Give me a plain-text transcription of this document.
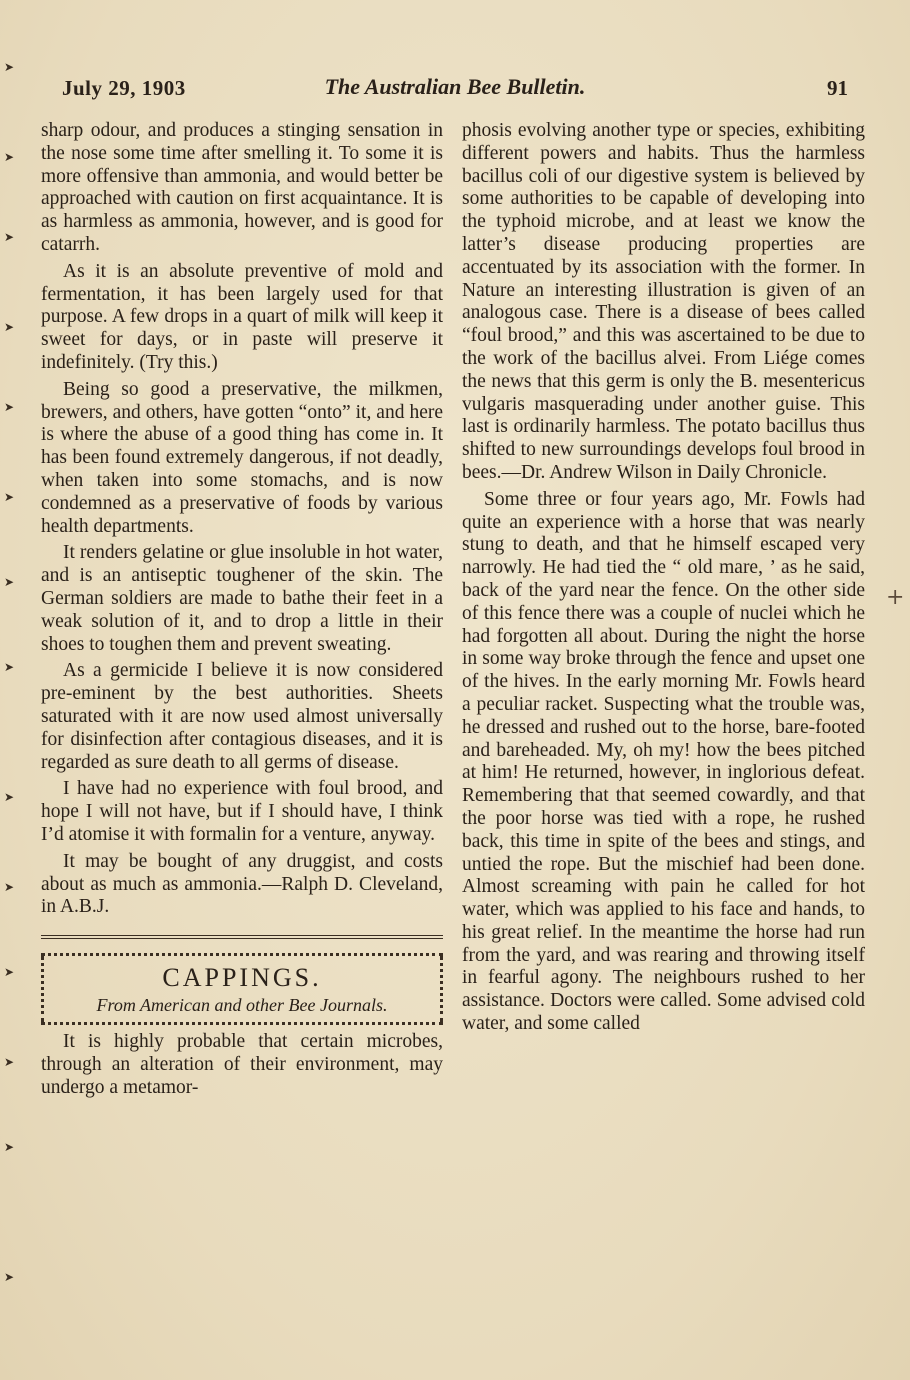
➤
➤
➤
➤
➤
➤
➤
➤
➤
➤
➤
➤
➤
➤
July 29, 1903	The Australian Bee Bulletin.	91

sharp odour, and produces a stinging sensation in the nose some time after smelling it. To some it is more offensive than ammonia, and would better be approached with caution on first acquaintance. It is as harmless as ammonia, however, and is good for catarrh.

As it is an absolute preventive of mold and fermentation, it has been largely used for that purpose. A few drops in a quart of milk will keep it sweet for days, or in paste will preserve it indefinitely. (Try this.)

Being so good a preservative, the milkmen, brewers, and others, have gotten “onto” it, and here is where the abuse of a good thing has come in. It has been found extremely dangerous, if not deadly, when taken into some stomachs, and is now condemned as a preservative of foods by various health departments.

It renders gelatine or glue insoluble in hot water, and is an antiseptic toughener of the skin. The German soldiers are made to bathe their feet in a weak solution of it, and to drop a little in their shoes to toughen them and prevent sweating.

As a germicide I believe it is now considered pre-eminent by the best authorities. Sheets saturated with it are now used almost universally for disinfection after contagious diseases, and it is regarded as sure death to all germs of disease.

I have had no experience with foul brood, and hope I will not have, but if I should have, I think I’d atomise it with formalin for a venture, anyway.

It may be bought of any druggist, and costs about as much as ammonia.—Ralph D. Cleveland, in A.B.J.

CAPPINGS.
From American and other Bee Journals.

It is highly probable that certain microbes, through an alteration of their environment, may undergo a metamor-

phosis evolving another type or species, exhibiting different powers and habits. Thus the harmless bacillus coli of our digestive system is believed by some authorities to be capable of developing into the typhoid microbe, and at least we know the latter’s disease producing properties are accentuated by its association with the former. In Nature an interesting illustration is given of an analogous case. There is a disease of bees called “foul brood,” and this was ascertained to be due to the work of the bacillus alvei. From Liége comes the news that this germ is only the B. mesentericus vulgaris masquerading under another guise. This last is ordinarily harmless. The potato bacillus thus shifted to new surroundings develops foul brood in bees.—Dr. Andrew Wilson in Daily Chronicle.

Some three or four years ago, Mr. Fowls had quite an experience with a horse that was nearly stung to death, and that he himself escaped very narrowly. He had tied the “ old mare, ’ as he said, back of the yard near the fence. On the other side of this fence there was a couple of nuclei which he had forgotten all about. During the night the horse in some way broke through the fence and upset one of the hives. In the early morning Mr. Fowls heard a peculiar racket. Suspecting what the trouble was, he dressed and rushed out to the horse, bare-footed and bareheaded. My, oh my! how the bees pitched at him! He returned, however, in inglorious defeat. Remembering that that seemed cowardly, and that the poor horse was tied with a rope, he rushed back, this time in spite of the bees and stings, and untied the rope. But the mischief had been done. Almost screaming with pain he called for hot water, which was applied to his face and hands, to his great relief. In the meantime the horse had run from the yard, and was rearing and throwing itself in fearful agony. The neighbours rushed to her assistance. Doctors were called. Some advised cold water, and some called

+
